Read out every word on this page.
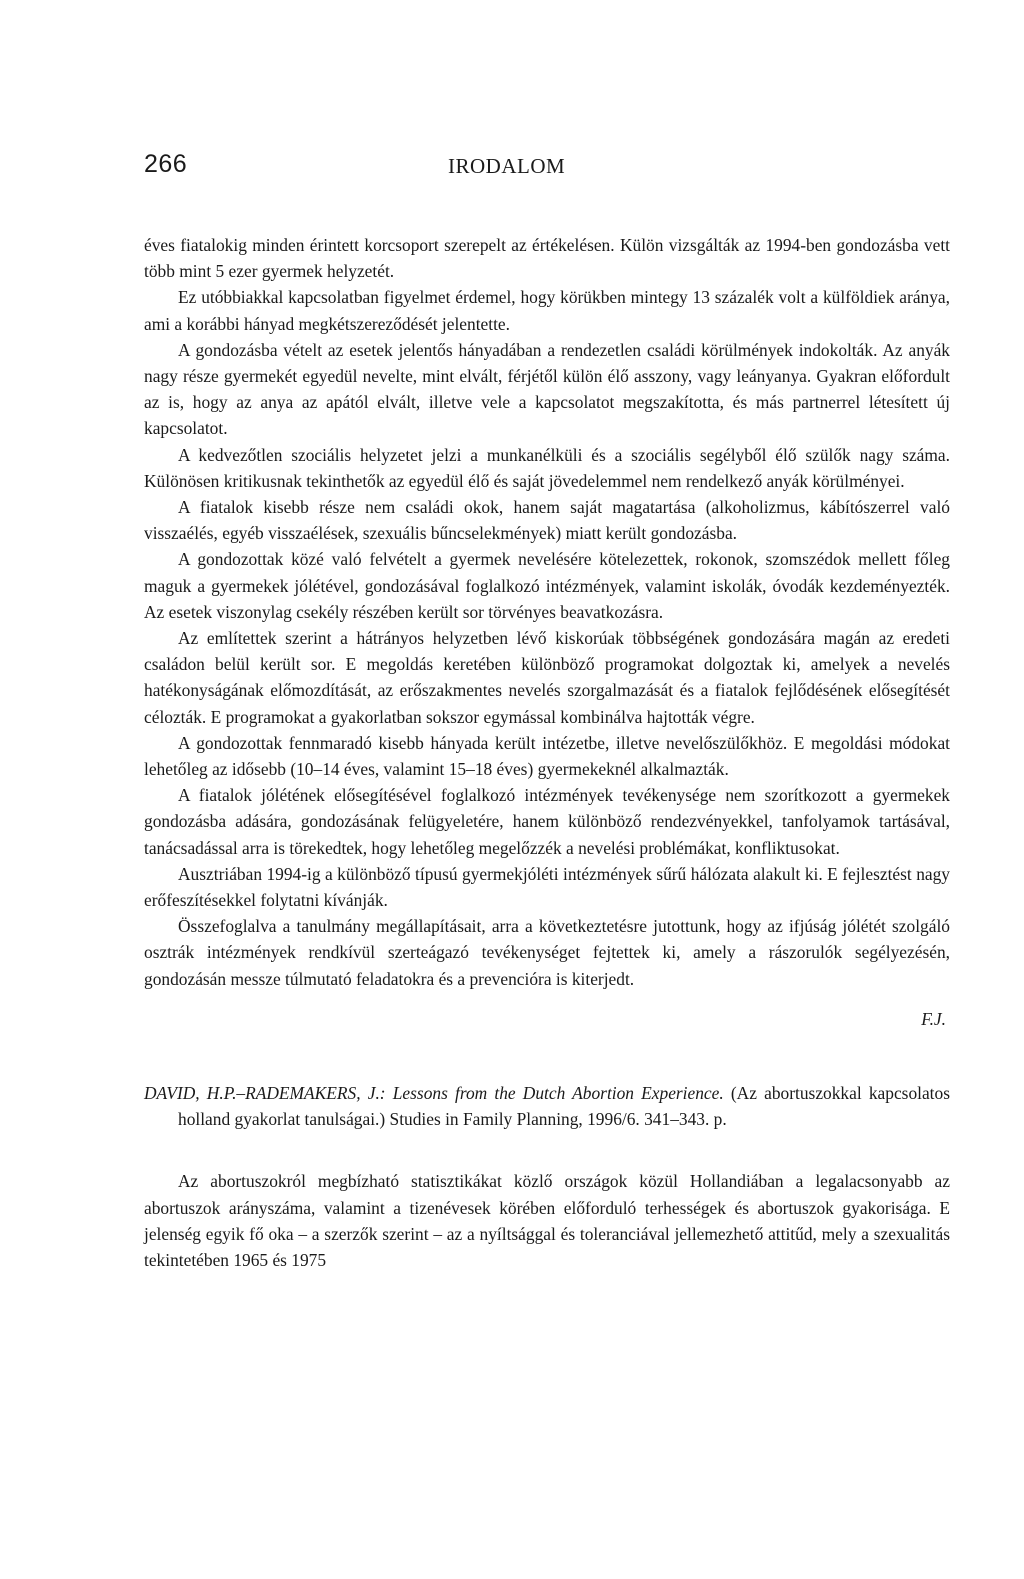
266	IRODALOM

éves fiatalokig minden érintett korcsoport szerepelt az értékelésen. Külön vizsgálták az 1994-ben gondozásba vett több mint 5 ezer gyermek helyzetét.

Ez utóbbiakkal kapcsolatban figyelmet érdemel, hogy körükben mintegy 13 százalék volt a külföldiek aránya, ami a korábbi hányad megkétszereződését jelentette.

A gondozásba vételt az esetek jelentős hányadában a rendezetlen családi körülmények indokolták. Az anyák nagy része gyermekét egyedül nevelte, mint elvált, férjétől külön élő asszony, vagy leányanya. Gyakran előfordult az is, hogy az anya az apától elvált, illetve vele a kapcsolatot megszakította, és más partnerrel létesített új kapcsolatot.

A kedvezőtlen szociális helyzetet jelzi a munkanélküli és a szociális segélyből élő szülők nagy száma. Különösen kritikusnak tekinthetők az egyedül élő és saját jövedelemmel nem rendelkező anyák körülményei.

A fiatalok kisebb része nem családi okok, hanem saját magatartása (alkoholizmus, kábítószerrel való visszaélés, egyéb visszaélések, szexuális bűncselekmények) miatt került gondozásba.

A gondozottak közé való felvételt a gyermek nevelésére kötelezettek, rokonok, szomszédok mellett főleg maguk a gyermekek jólétével, gondozásával foglalkozó intézmények, valamint iskolák, óvodák kezdeményezték. Az esetek viszonylag csekély részében került sor törvényes beavatkozásra.

Az említettek szerint a hátrányos helyzetben lévő kiskorúak többségének gondozására magán az eredeti családon belül került sor. E megoldás keretében különböző programokat dolgoztak ki, amelyek a nevelés hatékonyságának előmozdítását, az erőszakmentes nevelés szorgalmazását és a fiatalok fejlődésének elősegítését célozták. E programokat a gyakorlatban sokszor egymással kombinálva hajtották végre.

A gondozottak fennmaradó kisebb hányada került intézetbe, illetve nevelőszülőkhöz. E megoldási módokat lehetőleg az idősebb (10–14 éves, valamint 15–18 éves) gyermekeknél alkalmazták.

A fiatalok jólétének elősegítésével foglalkozó intézmények tevékenysége nem szorítkozott a gyermekek gondozásba adására, gondozásának felügyeletére, hanem különböző rendezvényekkel, tanfolyamok tartásával, tanácsadással arra is törekedtek, hogy lehetőleg megelőzzék a nevelési problémákat, konfliktusokat.

Ausztriában 1994-ig a különböző típusú gyermekjóléti intézmények sűrű hálózata alakult ki. E fejlesztést nagy erőfeszítésekkel folytatni kívánják.

Összefoglalva a tanulmány megállapításait, arra a következtetésre jutottunk, hogy az ifjúság jólétét szolgáló osztrák intézmények rendkívül szerteágazó tevékenységet fejtettek ki, amely a rászorulók segélyezésén, gondozásán messze túlmutató feladatokra és a prevencióra is kiterjedt.

F.J.
DAVID, H.P.–RADEMAKERS, J.: Lessons from the Dutch Abortion Experience. (Az abortuszokkal kapcsolatos holland gyakorlat tanulságai.) Studies in Family Planning, 1996/6. 341–343. p.

Az abortuszokról megbízható statisztikákat közlő országok közül Hollandiában a legalacsonyabb az abortuszok arányszáma, valamint a tizenévesek körében előforduló terhességek és abortuszok gyakorisága. E jelenség egyik fő oka – a szerzők szerint – az a nyíltsággal és toleranciával jellemezhető attitűd, mely a szexualitás tekintetében 1965 és 1975
